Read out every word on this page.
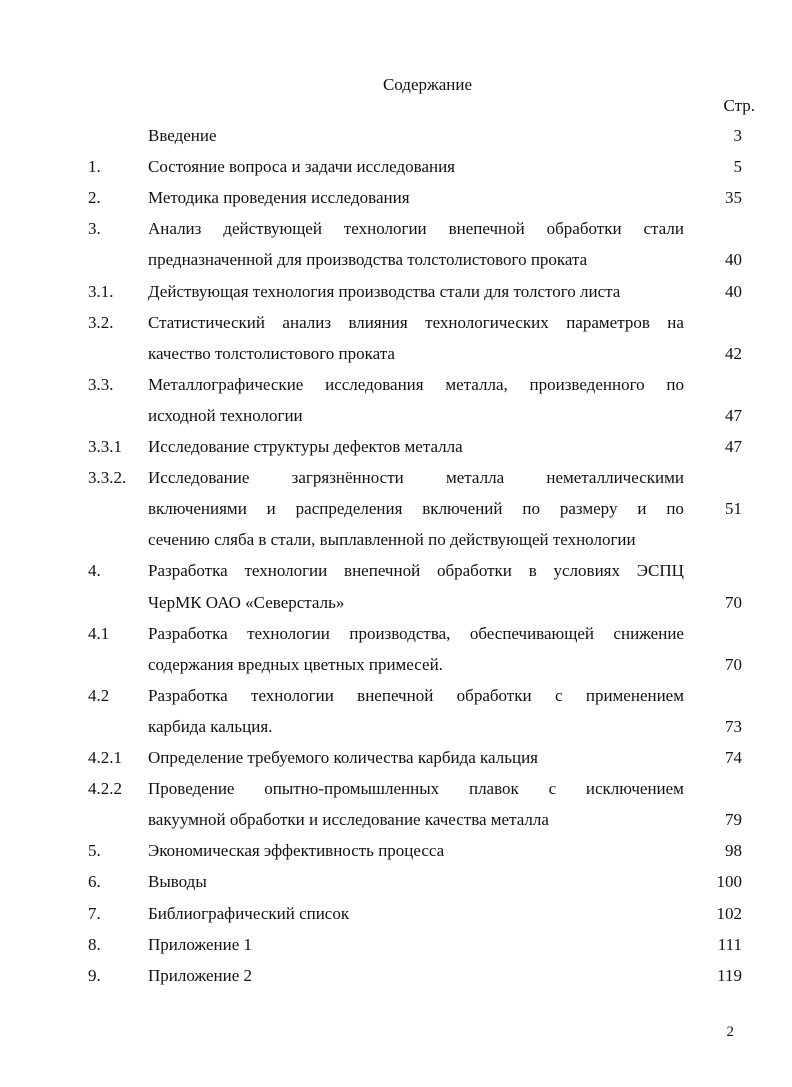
Содержание
Стр.
Введение	3
1.	Состояние вопроса и задачи исследования	5
2.	Методика проведения исследования	35
3.	Анализ действующей технологии внепечной обработки стали
предназначенной для производства толстолистового проката	40
3.1. Действующая технология производства стали для толстого листа	40
3.2. Статистический анализ влияния технологических параметров на
качество толстолистового проката	42
3.3. Металлографические исследования металла, произведенного по
исходной технологии	47
3.3.1 Исследование структуры дефектов металла	47
3.3.2. Исследование загрязнённости металла неметаллическими
включениями и распределения включений по размеру и по
сечению сляба в стали, выплавленной по действующей технологии
51
4.	Разработка технологии внепечной обработки в условиях ЭСПЦ
ЧерМК ОАО «Северсталь»	70
4.1 Разработка технологии производства, обеспечивающей снижение
содержания вредных цветных примесей.	70
4.2 Разработка технологии внепечной обработки с применением
карбида кальция.	73
4.2.1 Определение требуемого количества карбида кальция	74
4.2.2 Проведение опытно-промышленных плавок с исключением
вакуумной обработки и исследование качества металла	79
5.	Экономическая эффективность процесса	98
6.	Выводы	100
7.	Библиографический список	102
8.	Приложение 1	111
9.	Приложение 2	119
2
